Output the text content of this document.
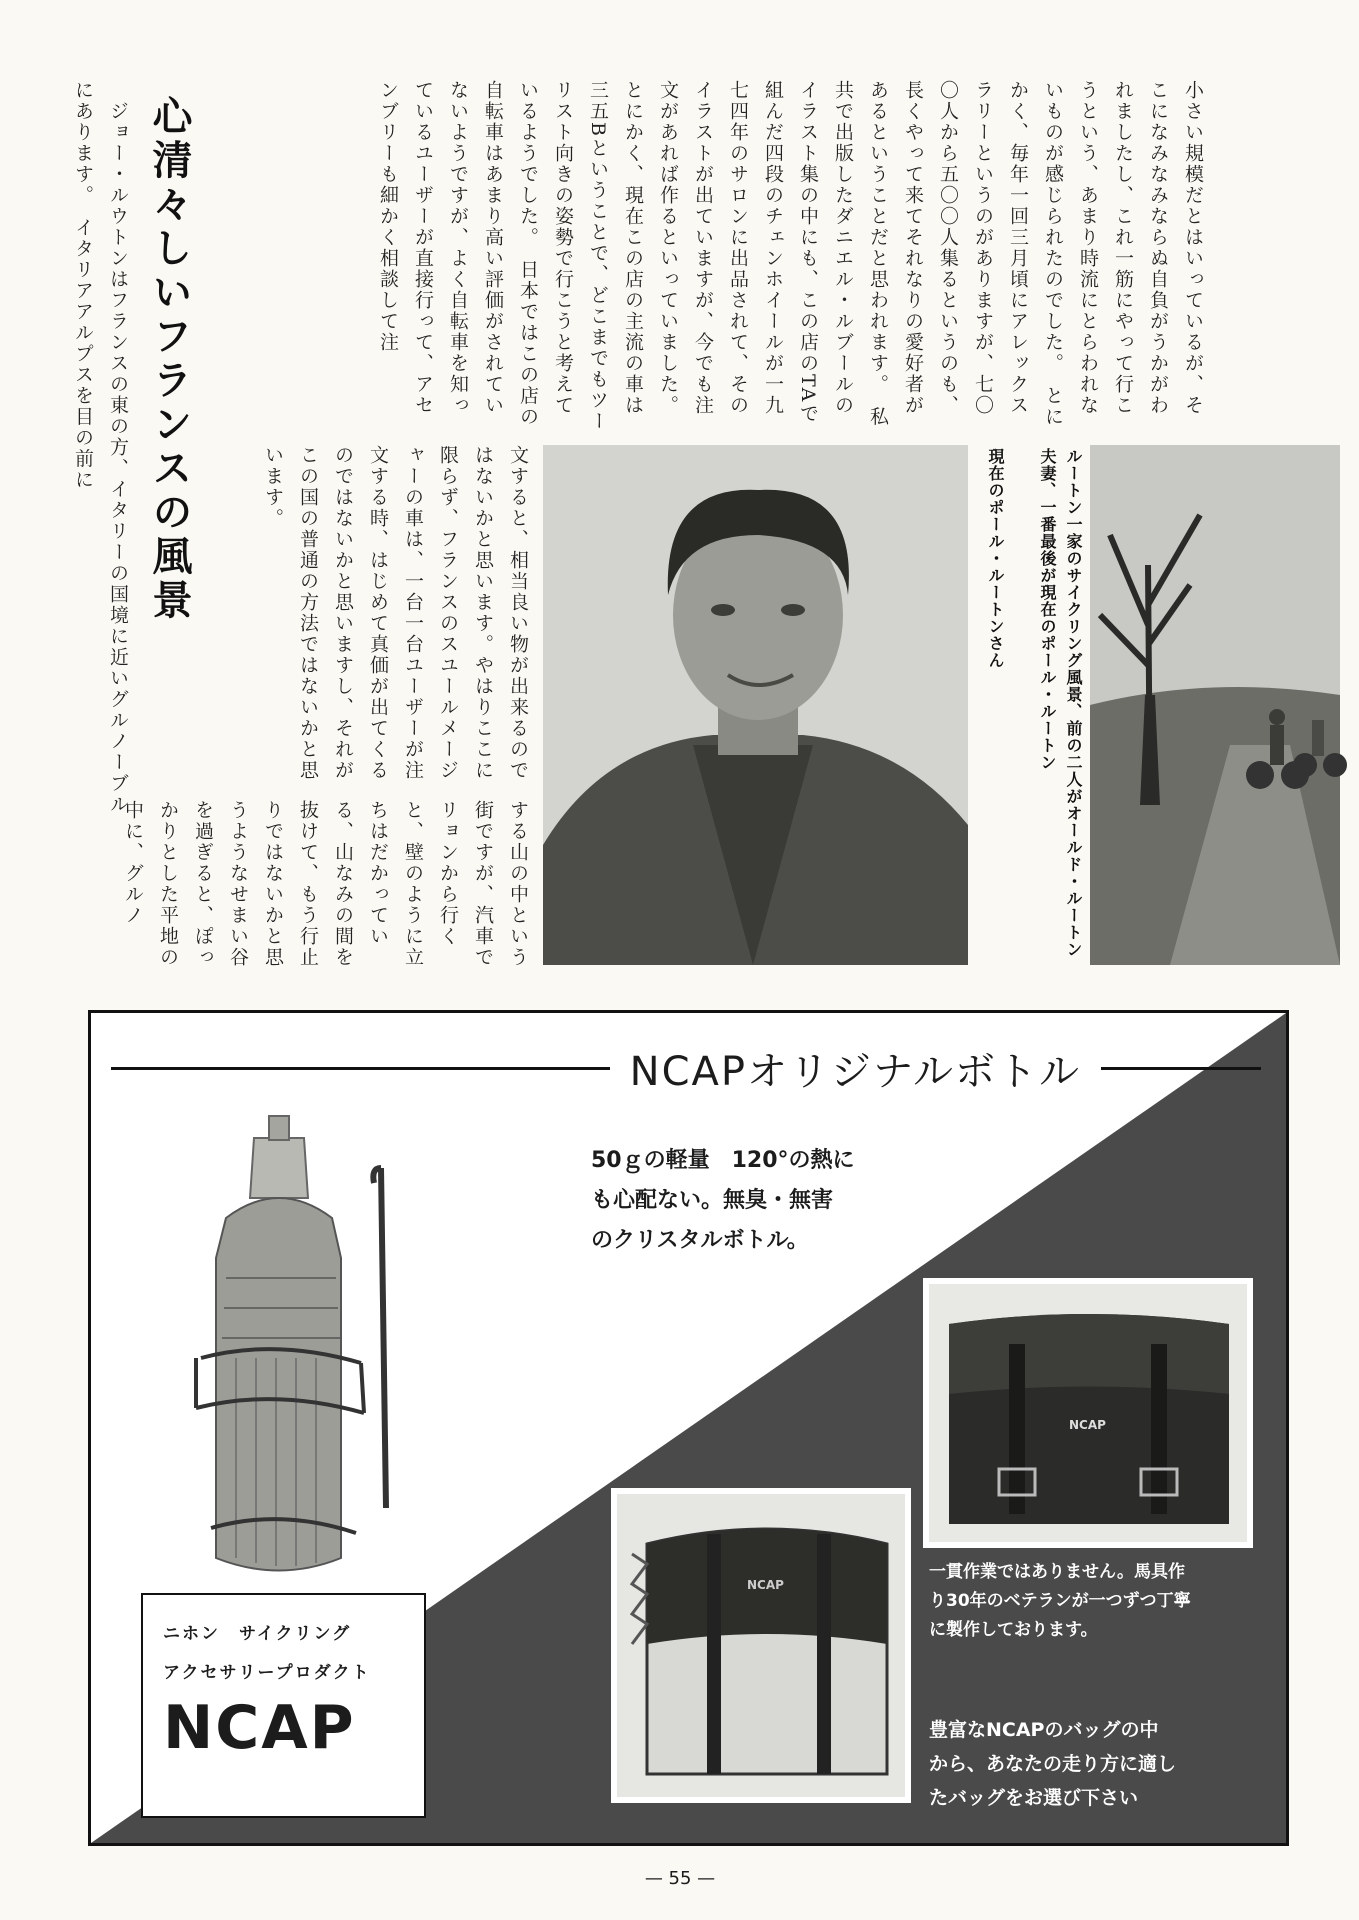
小さい規模だとはいっているが、そこになみなみならぬ自負がうかがわれましたし、これ一筋にやって行こうという、あまり時流にとらわれないものが感じられたのでした。　とにかく、毎年一回三月頃にアレックスラリーというのがありますが、七〇〇人から五〇〇人集るというのも、長くやって来てそれなりの愛好者があるということだと思われます。　私共で出版したダニエル・ルブールのイラスト集の中にも、この店のTAで組んだ四段のチェンホイールが一九七四年のサロンに出品されて、そのイラストが出ていますが、今でも注文があれば作るといっていました。　とにかく、現在この店の主流の車は三五Bということで、どこまでもツーリスト向きの姿勢で行こうと考えているようでした。　日本ではこの店の自転車はあまり高い評価がされていないようですが、よく自転車を知っているユーザーが直接行って、アセンブリーも細かく相談して注
ルートン一家のサイクリング風景、前の二人がオールド・ルートン夫妻、一番最後が現在のポール・ルートン
現在のポール・ルートンさん
文すると、相当良い物が出来るのではないかと思います。やはりここに限らず、フランスのスユールメージャーの車は、一台一台ユーザーが注文する時、はじめて真価が出てくるのではないかと思いますし、それがこの国の普通の方法ではないかと思います。
心清々しいフランスの風景
　ジョー・ルウトンはフランスの東の方、イタリーの国境に近いグルノーブルにあります。　イタリアアルプスを目の前に
する山の中という街ですが、汽車でリョンから行くと、壁のように立ちはだかっている、山なみの間を抜けて、もう行止りではないかと思うようなせまい谷を過ぎると、ぽっかりとした平地の中に、グルノ
NCAPオリジナルボトル
50ｇの軽量　120°の熱に
も心配ない。無臭・無害
のクリスタルボトル。
ニホン　サイクリング
アクセサリープロダクト
NCAP
NCAP
一貫作業ではありません。馬具作
り30年のベテランが一つずつ丁寧
に製作しております。
豊富なNCAPのバッグの中
から、あなたの走り方に適し
たバッグをお選び下さい
NCAP
— 55 —
